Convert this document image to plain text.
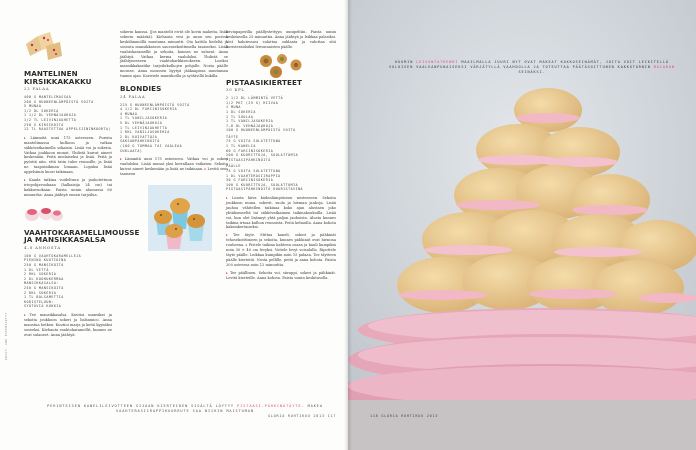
MANTELINEN KIRSIKKAKAKKU
22 PALAA
400 G MANTELIMASSAA
200 G HUONEENLÄMPÖISTÄ VOITA
5 MUNAA
1/2 DL SOKERIA
1 1/2 DL VEHNÄJAUHOJA
1/2 TL LEIVINJAUHETTA
250 G KIRSIKOITA
12 TL RAASTETTUA APPELSIININKUORTA)

▸ Lämmitä uuni 175 asteeseen. Purista mantelimassa kulhoon ja vatkaa sähkövatkaimella sekaisin. Lisää voi ja sokeria. Vatkaa joukkoon munat. Yhdistä kuivat aineet keskenään. Peitä mielaiseksi ja lisää. Peitä ja pyöritä niin, että tatin tulee reunoille, ja lisää ne taaputaikinan lomaan. Lopuksi lisää appelsiinin kuori taikinaan.

▸ Kaada taikina voideltuun ja jauhotettuun irtopohjavuokaan (halkaisija 24 cm) tai kakkuvuokaan. Paista uunin alaosassa 60 minuuttia. Anna jäähtyä ennen tarjoilua.

VAAHTOKARAMELLIMOUSSE JA MANSIKKASALSA
4–8 ANNOSTA
100 G VAAHTOKARAMELLEJA
PIENINÄ KUUTIOINA
250 G MANSIKOITA
1 DL VETTÄ
2 RKL SOKERIA
2 DL KUOHUKERMAA
MANSIKKASALSA:
250 G MANSIKOITA
2 RKL SOKERIA
1 TL BALSAMETTIA
KORISTELUUN:
SYÖTÄVIÄ KUKKIA

▸ Tee mansikkasalsa. Kuutioi mansikat ja sekoita joukkoon sokeri ja balsamico. Anna maustua hetken. Kuutioi marja ja keitä kypsäksi soseeksi. Kiehauta vaahtokaramellit, kunnes ne ovat sulaneet. Anna jäähtyä.

sokerin kanssa. (Jos mantelit eivät ole kovin makeita, lisää sokerin määrää). Kiehauta vesi ja anna sen porissa keskilämmöllä muutama minuutti. Ota kattila liedeltä ja soseuta mansikkaseos sauvasekoittimella tasaiseksi. Lisää vaahtokaramellit ja sekoita, kunnes ne sulavat. Anna jäähtyä. Vatkaa kerma vaahdoksi. Yhdistä se jäähtyneeseen vaahtokarkkiseokseen. Lusikoi mansikkakastike tarjoilukulhojen pohjalle. Nosta päälle mousse. Anna moussen hyytyä jääkaapissa muutaman tunnin ajan. Koristele mansikoilla ja syötävillä kukilla.

BLONDIES
24 PALAA
225 G HUONEENLÄMPÖISTÄ VOITA
4 1/2 DL FARIINISOKERIA
4 MUNAA
1 TL VANILJASOKERIA
5 DL VEHNÄJAUHOJA
1 TL LEIVINJAUHETTA
1 RKL VANILJASOKERIA
2 DL KUIVATTUJA
SAKSANPÄHKINÖITÄ
(100 G TUMMAA TAI VAALEAA
SUKLAATA)

▸ Lämmitä uuni 175 asteeseen. Vatkaa voi ja sokeri vaahdoksi. Lisää munat yksi kerrallaan vatkaten. Sekoita kuivat aineet keskenään ja lisää ne taikinaan. ▸ Levitä seos taaiseen

leivinpaperilla päällystettyyn uunipeltiin. Paista uunin keskitasolla 25 minuuttia. Anna jäähtyä ja leikkaa palasiksi. Voit halutessasi sulattaa suklaata ja valuttaa sitä koristeraidoiksi leivonnaisten päälle.

PISTAASIKIERTEET
30 KPL
2 1/2 DL LÄMMINTÄ VETTÄ
1/2 PKT (25 G) HIIVAA
1 MUNA
1 DL SOKERIA
1 TL SUOLAA
1 TL VANILJASOKERIA
7–8 DL VEHNÄJAUHOJA
100 G HUONEENLÄMPÖISTÄ VOITA
TÄYTE
75 G VOITA SULATETTUNA
1 TL KANELIA
60 G FARIINISOKERIA
200 G KUORITTUJA, SUOLATTOMIA
PISTAASIPÄHKINÖITÄ
PÄÄLLE
75 G VOITA SULATETTUNA
1 DL VAAHTERASIIRAPPIA
30 G FARIINISOKERIA
100 G KUORITTUJA, SUOLATTOMIA
PISTAASIPÄHKINÖITÄ KOURISTAVINA

▸ Liuota hiiva kädenlämpöiseen nesteeseen. Sekoita joukkoon muna, sokerit, suola ja hieman jauhoja. Lisää jauhoa vähitellen taikinaa koko ajan alustaen joko yhtäkomeeltä tai sähkövatkaimen taikinakoukuilla. Lisää voi, kun olet lisännyt yhtä paljon jauhoista. Alusta kunnes taikina irtoaa kulhon reunoista. Peitä kelmulla. Anna kohota kaksinkertaiseksi.

▸ Tee täyte. Mittaa kaneli, sokeri ja pähkinät tehosekoittimeen ja sekoita, kunnes pähkinät ovat hienona rouheena. ▸ Pistele taikina kahteen osaan ja kauli kumpikin noin 30 × 40 cm levyksi. Voitele levyt voisulalla. Ripottele täyte päälle. Leikkaa kumpikin noin 15 palaan. Tee täytteen päälle kierteitä. Nosta pellille, peitä ja anna kohota. Paista 200 asteessa noin 12 minuuttia.

▸ Tee päällinen. Sekoita voi, siirappi, sokeri ja pähkinät. Levitä kierteille. Anna kohota. Paista uunin keskitasolla.

PERINTEISEN KANELILEIVOTTEEN SIJAAN KIERTEIDEN SISÄLTÄ LÖYTYY PISTAASI-PÄHKINÄTÄYTE. MAKEA VAAHTERASIIRAPPIKUORRUTE SAA NIIHIN MAISTUMAN
GLORIA RUHTIKUU 2013 117
KUVAT: ANU ESSEMAARTTI
KUUMIN LEIVONTATRENDI MAAILMALLA JUURI NYT OVAT MAKEAT KAKKUSEINÄMÄT, JOITA VOIT LEIKITELLÄ SULOISEN VAALEANPUNAISEKSI VÄRJÄTYLLÄ VAAHDOLLA JA TOTEUTTAA PÄÄTÄSOITTUNEN KAKKUTORNIN MACARON SEINÄKSI.
118 GLORIA RUHTIKUU 2013
